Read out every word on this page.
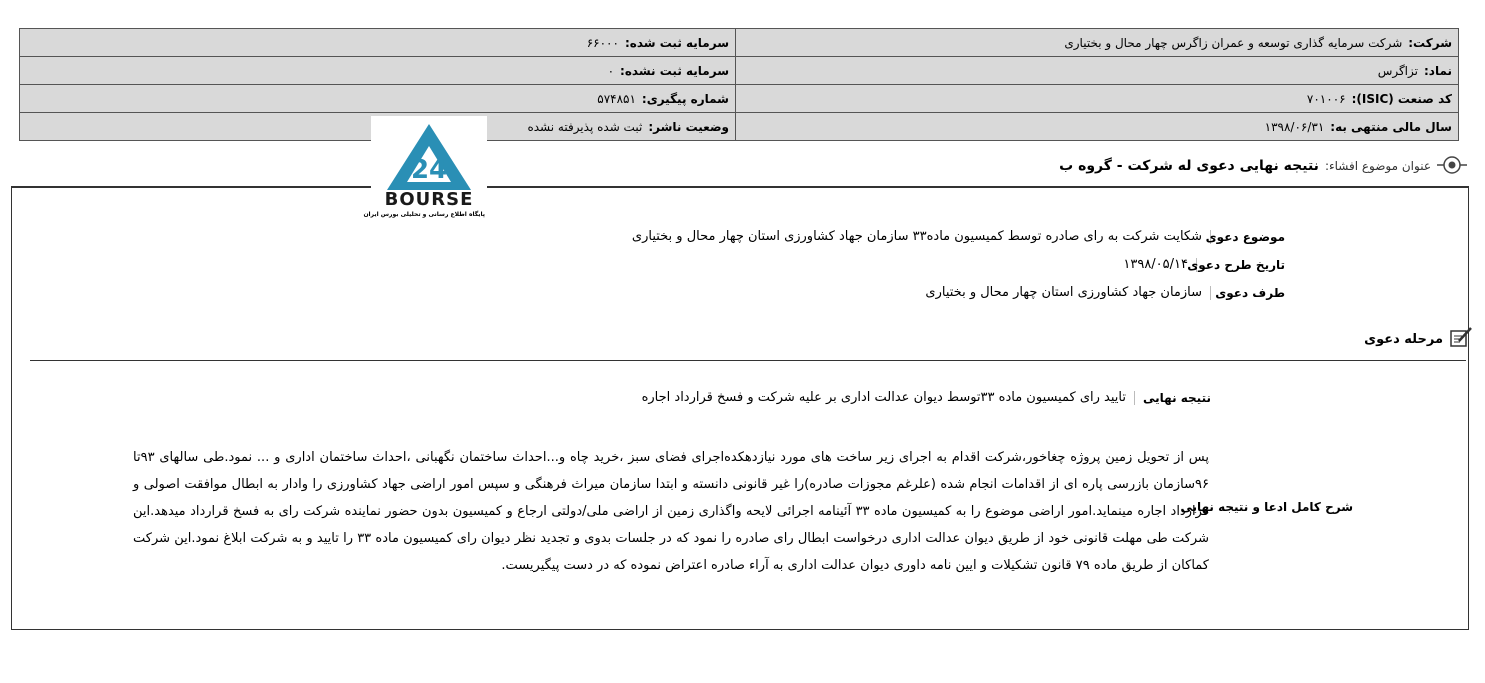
شرکت:شرکت سرمایه گذاری توسعه و عمران زاگرس چهار محال و بختیاری	سرمایه ثبت شده:۶۶۰۰۰
نماد:تزاگرس	سرمایه ثبت نشده:۰
کد صنعت (ISIC):۷۰۱۰۰۶	شماره پیگیری:۵۷۴۸۵۱
سال مالی منتهی به:۱۳۹۸/۰۶/۳۱	وضعیت ناشر:ثبت شده پذیرفته نشده
2 4
BOURSE
پایگاه اطلاع رسانی و تحلیلی بورس ایران
عنوان موضوع افشاء:
نتیجه نهایی دعوی له شرکت - گروه ب
موضوع دعوی
شکایت شرکت به رای صادره توسط کمیسیون ماده۳۳ سازمان جهاد کشاورزی استان چهار محال و بختیاری
تاریخ طرح دعوی
۱۳۹۸/۰۵/۱۴
طرف دعوی
سازمان جهاد کشاورزی استان چهار محال و بختیاری
مرحله دعوی
نتیجه نهایی
تایید رای کمیسیون ماده ۳۳توسط دیوان عدالت اداری بر علیه شرکت و فسخ قرارداد اجاره
شرح کامل ادعا و نتیجه نهایی
پس از تحویل زمین پروژه چغاخور،شرکت اقدام به اجرای زیر ساخت های مورد نیازدهکده‌اجرای فضای سبز ،خرید چاه و...احداث ساختمان نگهبانی ،احداث ساختمان اداری و ... نمود.طی سالهای ۹۳تا ۹۶سازمان بازرسی پاره ای از اقدامات انجام شده (علرغم مجوزات صادره)را غیر قانونی دانسته و ابتدا سازمان میراث فرهنگی و سپس امور اراضی جهاد کشاورزی را وادار به ابطال موافقت اصولی و قرارداد اجاره مینماید.امور اراضی موضوع را به کمیسیون ماده ۳۳ آئینامه اجرائی لایحه واگذاری زمین از اراضی ملی/دولتی ارجاع و کمیسیون بدون حضور نماینده شرکت رای به فسخ قرارداد میدهد.این شرکت طی مهلت قانونی خود از طریق دیوان عدالت اداری درخواست ابطال رای صادره را نمود که در جلسات بدوی و تجدید نظر دیوان رای کمیسیون ماده ۳۳ را تایید و به شرکت ابلاغ نمود.این شرکت کماکان از طریق ماده ۷۹ قانون تشکیلات و ایین نامه داوری دیوان عدالت اداری به آراء صادره اعتراض نموده که در دست پیگیریست.
